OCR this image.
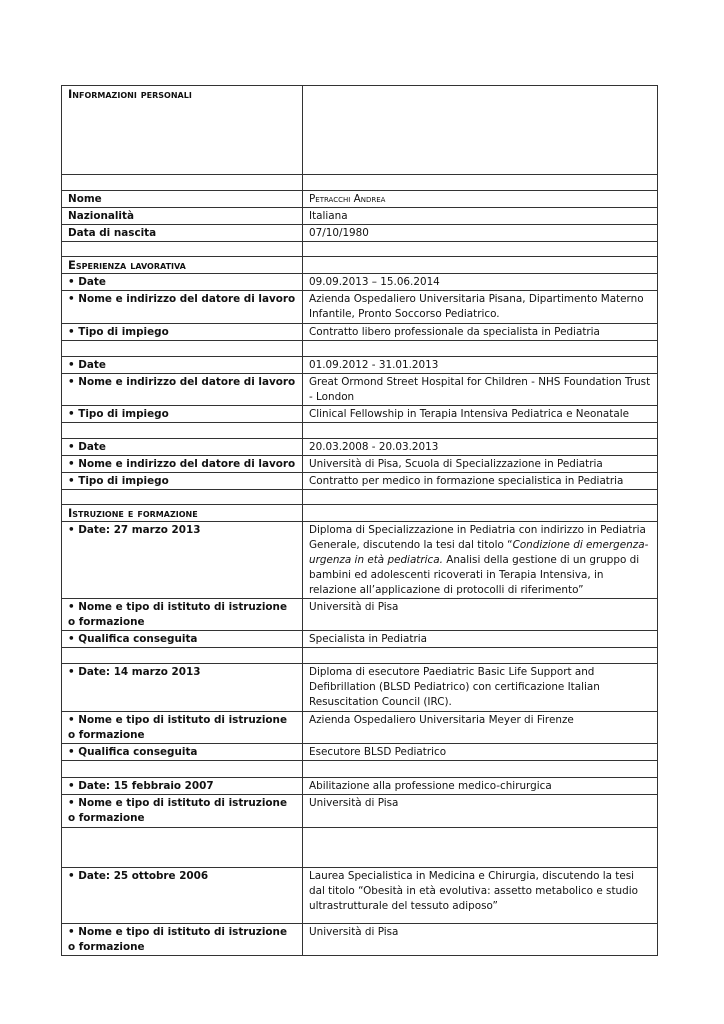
Informazioni personali	

Nome	Petracchi Andrea
Nazionalità	Italiana
Data di nascita	07/10/1980

Esperienza lavorativa	
• Date	09.09.2013 – 15.06.2014
• Nome e indirizzo del datore di lavoro	Azienda Ospedaliero Universitaria Pisana, Dipartimento Materno Infantile, Pronto Soccorso Pediatrico.
• Tipo di impiego	Contratto libero professionale da specialista in Pediatria

• Date	01.09.2012 - 31.01.2013
• Nome e indirizzo del datore di lavoro	Great Ormond Street Hospital for Children - NHS Foundation Trust - London
• Tipo di impiego	Clinical Fellowship in Terapia Intensiva Pediatrica e Neonatale

• Date	20.03.2008 - 20.03.2013
• Nome e indirizzo del datore di lavoro	Università di Pisa, Scuola di Specializzazione in Pediatria
• Tipo di impiego	Contratto per medico in formazione specialistica in Pediatria

Istruzione e formazione	
• Date: 27 marzo 2013	Diploma di Specializzazione in Pediatria con indirizzo in Pediatria Generale, discutendo la tesi dal titolo “Condizione di emergenza-urgenza in età pediatrica. Analisi della gestione di un gruppo di bambini ed adolescenti ricoverati in Terapia Intensiva, in relazione all’applicazione di protocolli di riferimento”
• Nome e tipo di istituto di istruzione o formazione	Università di Pisa
• Qualifica conseguita	Specialista in Pediatria

• Date: 14 marzo 2013	Diploma di esecutore Paediatric Basic Life Support and Defibrillation (BLSD Pediatrico) con certificazione Italian Resuscitation Council (IRC).
• Nome e tipo di istituto di istruzione o formazione	Azienda Ospedaliero Universitaria Meyer di Firenze
• Qualifica conseguita	Esecutore BLSD Pediatrico

• Date: 15 febbraio 2007	Abilitazione alla professione medico-chirurgica
• Nome e tipo di istituto di istruzione o formazione	Università di Pisa

• Date: 25 ottobre 2006	Laurea Specialistica in Medicina e Chirurgia, discutendo la tesi dal titolo “Obesità in età evolutiva: assetto metabolico e studio ultrastrutturale del tessuto adiposo”
• Nome e tipo di istituto di istruzione o formazione	Università di Pisa
